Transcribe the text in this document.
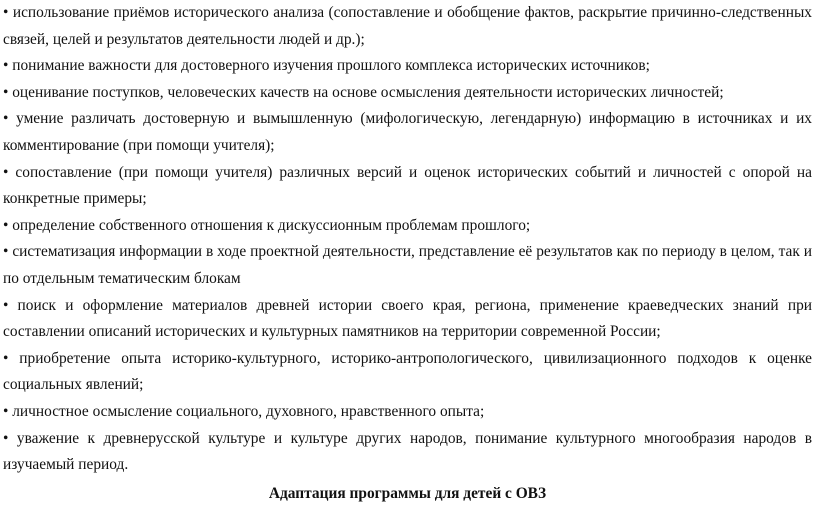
• использование приёмов исторического анализа (сопоставление и обобщение фактов, раскрытие причинно-следственных связей, целей и результатов деятельности людей и др.);

• понимание важности для достоверного изучения прошлого комплекса исторических источников;

• оценивание поступков, человеческих качеств на основе осмысления деятельности исторических личностей;

• умение различать достоверную и вымышленную (мифологическую, легендарную) информацию в источниках и их комментирование (при помощи учителя);

• сопоставление (при помощи учителя) различных версий и оценок исторических событий и личностей с опорой на конкретные примеры;

• определение собственного отношения к дискуссионным проблемам прошлого;

• систематизация информации в ходе проектной деятельности, представление её результатов как по периоду в целом, так и по отдельным тематическим блокам

• поиск и оформление материалов древней истории своего края, региона, применение краеведческих знаний при составлении описаний исторических и культурных памятников на территории современной России;

• приобретение опыта историко-культурного, историко-антропологического, цивилизационного подходов к оценке социальных явлений;

• личностное осмысление социального, духовного, нравственного опыта;

• уважение к древнерусской культуре и культуре других народов, понимание культурного многообразия народов в изучаемый период.

Адаптация программы для детей с ОВЗ
